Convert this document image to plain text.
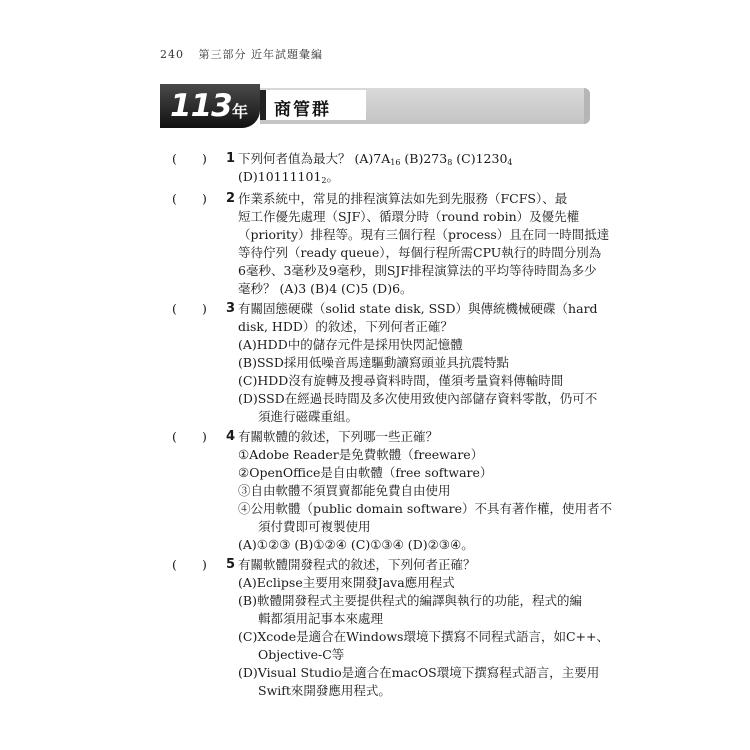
240 第三部分 近年試題彙編
商管群
113 年
( ) 1 下列何者值為最大？ $(A)7A_{16}$ $(B)273_8$ $(C)1230_4$
$(D)10111101_2$。
( ) 2 作業系統中，常見的排程演算法如先到先服務（FCFS）、最
短工作優先處理（SJF）、循環分時（round robin）及優先權
（priority）排程等。現有三個行程（process）且在同一時間抵達
等待佇列（ready queue），每個行程所需CPU執行的時間分別為
6毫秒、3毫秒及9毫秒，則SJF排程演算法的平均等待時間為多少
毫秒？ (A)3 (B)4 (C)5 (D)6。
( ) 3 有關固態硬碟（solid state disk, SSD）與傳統機械硬碟（hard
disk, HDD）的敘述，下列何者正確？
(A)HDD中的儲存元件是採用快閃記憶體
(B)SSD採用低噪音馬達驅動讀寫頭並具抗震特點
(C)HDD沒有旋轉及搜尋資料時間，僅須考量資料傳輸時間
(D)SSD在經過長時間及多次使用致使內部儲存資料零散，仍可不
須進行磁碟重組。
( ) 4 有關軟體的敘述，下列哪一些正確？
①Adobe Reader是免費軟體（freeware）
②OpenOffice是自由軟體（free software）
③自由軟體不須買賣都能免費自由使用
④公用軟體（public domain software）不具有著作權，使用者不
須付費即可複製使用
(A)①②③ (B)①②④ (C)①③④ (D)②③④。
( ) 5 有關軟體開發程式的敘述，下列何者正確？
(A)Eclipse主要用來開發Java應用程式
(B)軟體開發程式主要提供程式的編譯與執行的功能，程式的編
輯都須用記事本來處理
(C)Xcode是適合在Windows環境下撰寫不同程式語言，如C++、
Objective-C等
(D)Visual Studio是適合在macOS環境下撰寫程式語言，主要用
Swift來開發應用程式。
